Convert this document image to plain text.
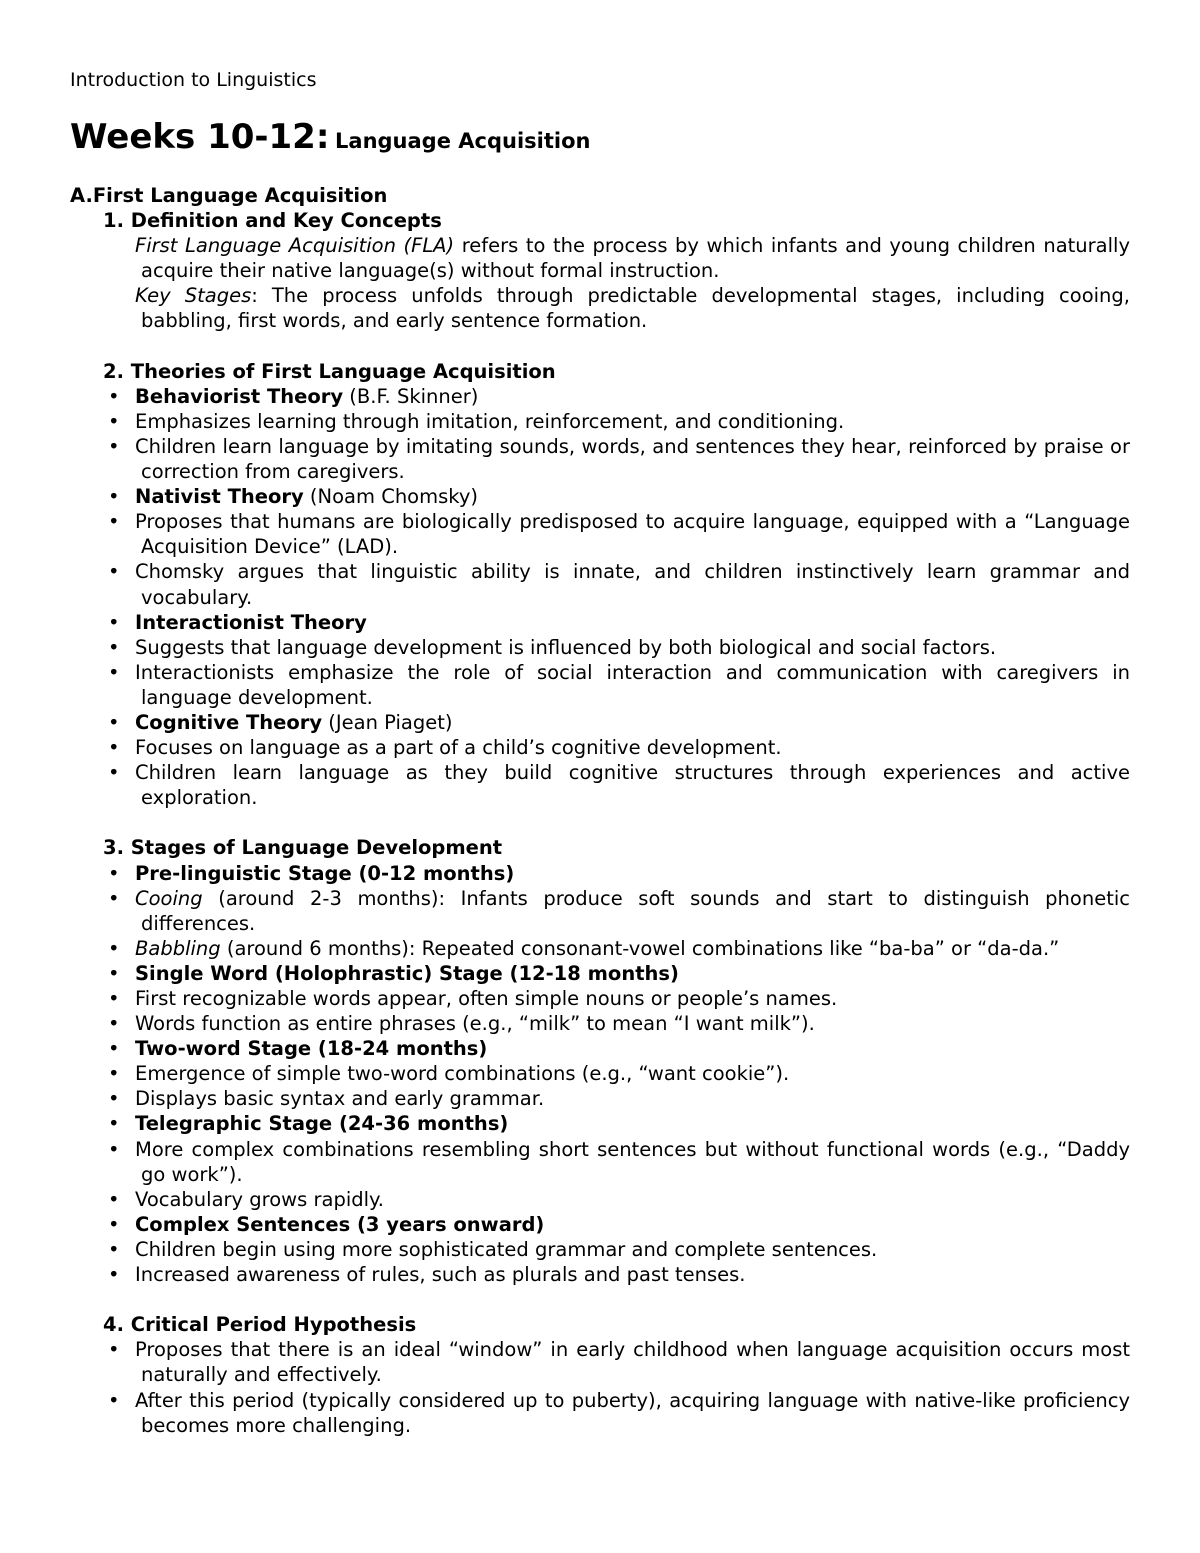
Introduction to Linguistics
Weeks 10-12: Language Acquisition
A.First Language Acquisition
1. Definition and Key Concepts
First Language Acquisition (FLA) refers to the process by which infants and young children naturally acquire their native language(s) without formal instruction.
Key Stages: The process unfolds through predictable developmental stages, including cooing, babbling, first words, and early sentence formation.
2. Theories of First Language Acquisition
• Behaviorist Theory (B.F. Skinner)
• Emphasizes learning through imitation, reinforcement, and conditioning.
• Children learn language by imitating sounds, words, and sentences they hear, reinforced by praise or correction from caregivers.
• Nativist Theory (Noam Chomsky)
• Proposes that humans are biologically predisposed to acquire language, equipped with a “Language Acquisition Device” (LAD).
• Chomsky argues that linguistic ability is innate, and children instinctively learn grammar and vocabulary.
• Interactionist Theory
• Suggests that language development is influenced by both biological and social factors.
• Interactionists emphasize the role of social interaction and communication with caregivers in language development.
• Cognitive Theory (Jean Piaget)
• Focuses on language as a part of a child’s cognitive development.
• Children learn language as they build cognitive structures through experiences and active exploration.
3. Stages of Language Development
• Pre-linguistic Stage (0-12 months)
• Cooing (around 2-3 months): Infants produce soft sounds and start to distinguish phonetic differences.
• Babbling (around 6 months): Repeated consonant-vowel combinations like “ba-ba” or “da-da.”
• Single Word (Holophrastic) Stage (12-18 months)
• First recognizable words appear, often simple nouns or people’s names.
• Words function as entire phrases (e.g., “milk” to mean “I want milk”).
• Two-word Stage (18-24 months)
• Emergence of simple two-word combinations (e.g., “want cookie”).
• Displays basic syntax and early grammar.
• Telegraphic Stage (24-36 months)
• More complex combinations resembling short sentences but without functional words (e.g., “Daddy go work”).
• Vocabulary grows rapidly.
• Complex Sentences (3 years onward)
• Children begin using more sophisticated grammar and complete sentences.
• Increased awareness of rules, such as plurals and past tenses.
4. Critical Period Hypothesis
• Proposes that there is an ideal “window” in early childhood when language acquisition occurs most naturally and effectively.
• After this period (typically considered up to puberty), acquiring language with native-like proficiency becomes more challenging.
